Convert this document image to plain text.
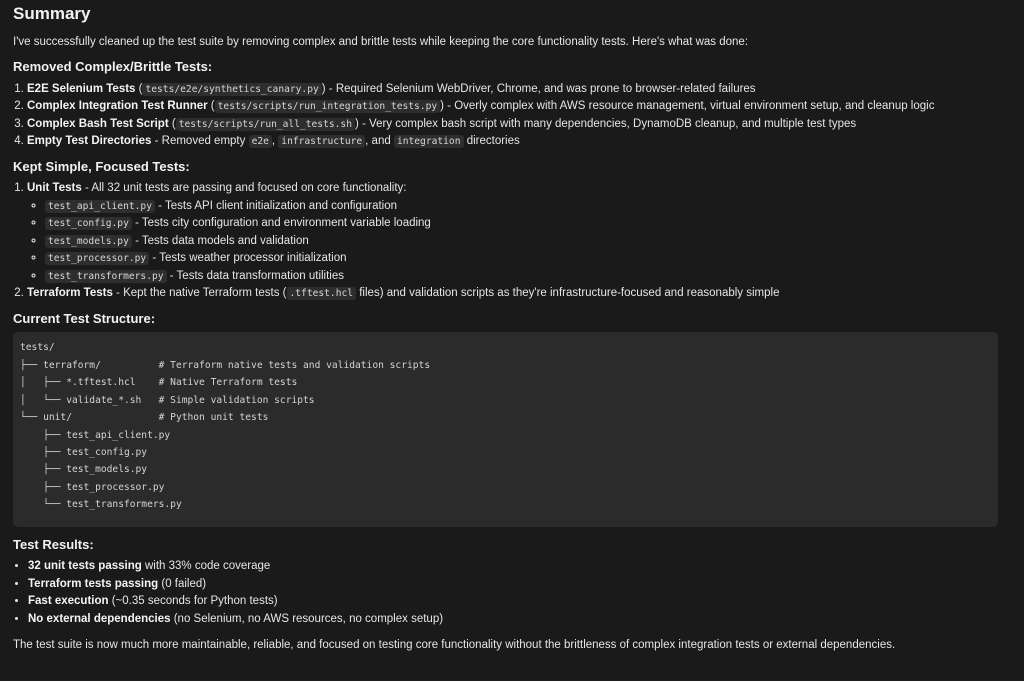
Summary

I've successfully cleaned up the test suite by removing complex and brittle tests while keeping the core functionality tests. Here's what was done:

Removed Complex/Brittle Tests:
1. E2E Selenium Tests ( tests/e2e/synthetics_canary.py ) - Required Selenium WebDriver, Chrome, and was prone to browser-related failures
2. Complex Integration Test Runner ( tests/scripts/run_integration_tests.py ) - Overly complex with AWS resource management, virtual environment setup, and cleanup logic
3. Complex Bash Test Script ( tests/scripts/run_all_tests.sh ) - Very complex bash script with many dependencies, DynamoDB cleanup, and multiple test types
4. Empty Test Directories - Removed empty e2e , infrastructure , and integration directories
Kept Simple, Focused Tests:
1. Unit Tests - All 32 unit tests are passing and focused on core functionality:
◦ test_api_client.py - Tests API client initialization and configuration
◦ test_config.py - Tests city configuration and environment variable loading
◦ test_models.py - Tests data models and validation
◦ test_processor.py - Tests weather processor initialization
◦ test_transformers.py - Tests data transformation utilities
2. Terraform Tests - Kept the native Terraform tests ( .tftest.hcl files) and validation scripts as they're infrastructure-focused and reasonably simple
Current Test Structure:
tests/
├── terraform/          # Terraform native tests and validation scripts
│   ├── *.tftest.hcl    # Native Terraform tests
│   └── validate_*.sh   # Simple validation scripts
└── unit/               # Python unit tests
├── test_api_client.py
├── test_config.py
├── test_models.py
├── test_processor.py
└── test_transformers.py
Test Results:
• 32 unit tests passing with 33% code coverage
• Terraform tests passing (0 failed)
• Fast execution (~0.35 seconds for Python tests)
• No external dependencies (no Selenium, no AWS resources, no complex setup)

The test suite is now much more maintainable, reliable, and focused on testing core functionality without the brittleness of complex integration tests or external dependencies.
